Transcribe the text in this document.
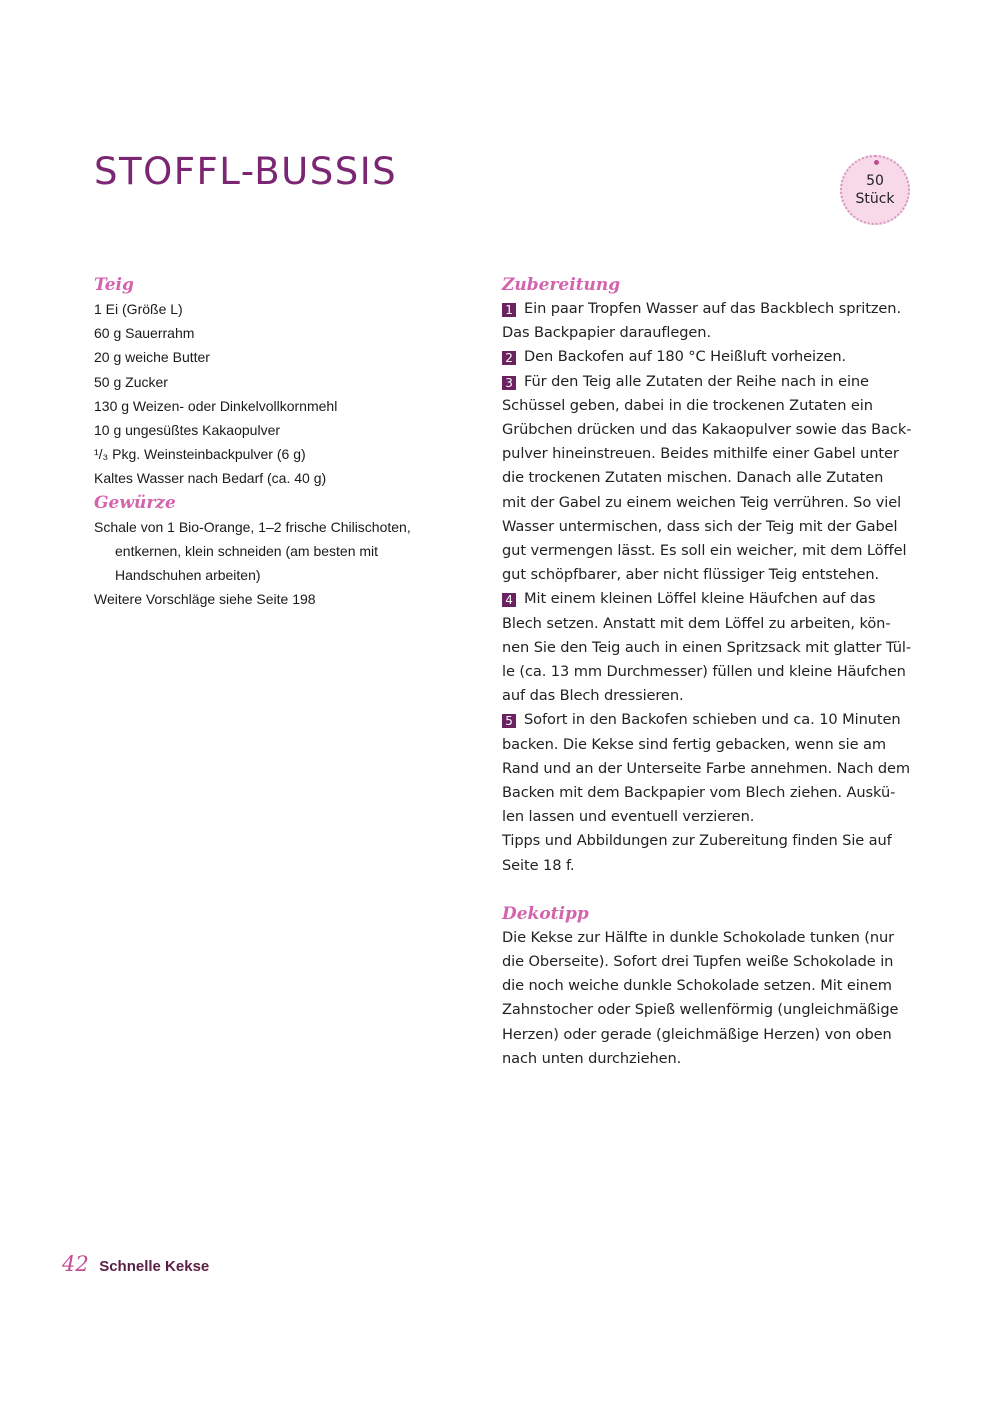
STOFFL-BUSSIS	50
Stück
Teig
1 Ei (Größe L)
60 g Sauerrahm
20 g weiche Butter
50 g Zucker
130 g Weizen- oder Dinkelvollkornmehl
10 g ungesüßtes Kakaopulver
¹/₃ Pkg. Weinsteinbackpulver (6 g)
Kaltes Wasser nach Bedarf (ca. 40 g)
Gewürze
Schale von 1 Bio-Orange, 1–2 frische Chilischoten,
entkernen, klein schneiden (am besten mit
Handschuhen arbeiten)
Weitere Vorschläge siehe Seite 198
Zubereitung
1 Ein paar Tropfen Wasser auf das Backblech spritzen.
Das Backpapier darauflegen.
2 Den Backofen auf 180 °C Heißluft vorheizen.
3 Für den Teig alle Zutaten der Reihe nach in eine
Schüssel geben, dabei in die trockenen Zutaten ein
Grübchen drücken und das Kakaopulver sowie das Back-
pulver hineinstreuen. Beides mithilfe einer Gabel unter
die trockenen Zutaten mischen. Danach alle Zutaten
mit der Gabel zu einem weichen Teig verrühren. So viel
Wasser untermischen, dass sich der Teig mit der Gabel
gut vermengen lässt. Es soll ein weicher, mit dem Löffel
gut schöpfbarer, aber nicht flüssiger Teig entstehen.
4 Mit einem kleinen Löffel kleine Häufchen auf das
Blech setzen. Anstatt mit dem Löffel zu arbeiten, kön-
nen Sie den Teig auch in einen Spritzsack mit glatter Tül-
le (ca. 13 mm Durchmesser) füllen und kleine Häufchen
auf das Blech dressieren.
5 Sofort in den Backofen schieben und ca. 10 Minuten
backen. Die Kekse sind fertig gebacken, wenn sie am
Rand und an der Unterseite Farbe annehmen. Nach dem
Backen mit dem Backpapier vom Blech ziehen. Auskü-
len lassen und eventuell verzieren.
Tipps und Abbildungen zur Zubereitung finden Sie auf
Seite 18 f.
Dekotipp
Die Kekse zur Hälfte in dunkle Schokolade tunken (nur
die Oberseite). Sofort drei Tupfen weiße Schokolade in
die noch weiche dunkle Schokolade setzen. Mit einem
Zahnstocher oder Spieß wellenförmig (ungleichmäßige
Herzen) oder gerade (gleichmäßige Herzen) von oben
nach unten durchziehen.
42 Schnelle Kekse
